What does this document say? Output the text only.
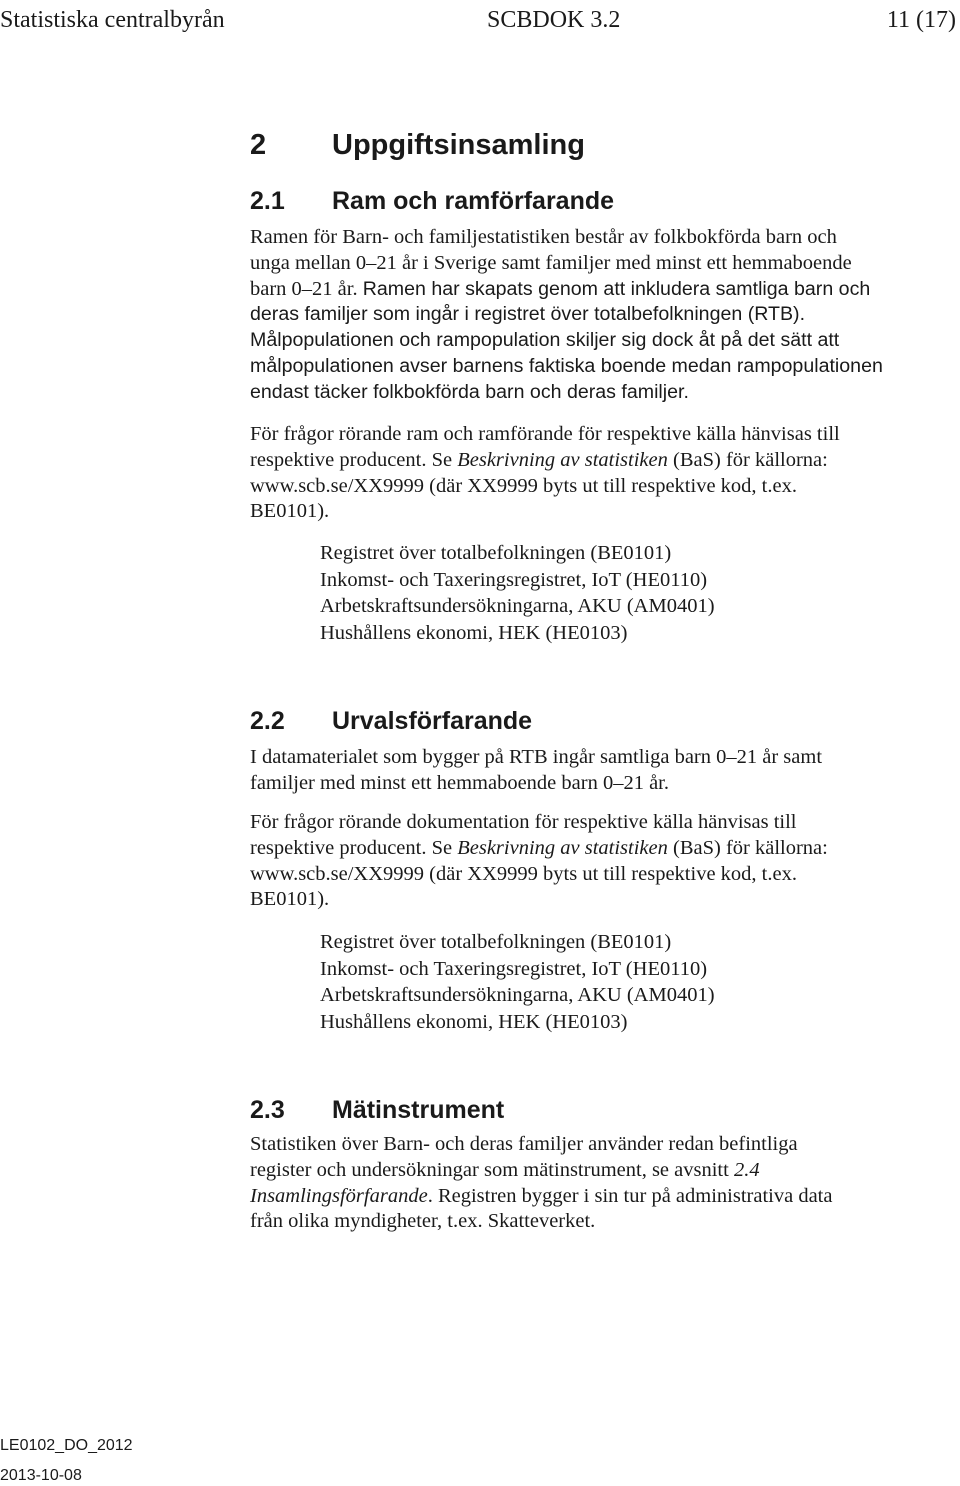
Statistiska centralbyrån	SCBDOK 3.2	11 (17)
2 Uppgiftsinsamling
2.1 Ram och ramförfarande

Ramen för Barn- och familjestatistiken består av folkbokförda barn och
unga mellan 0–21 år i Sverige samt familjer med minst ett hemmaboende
barn 0–21 år. Ramen har skapats genom att inkludera samtliga barn och
deras familjer som ingår i registret över totalbefolkningen (RTB).
Målpopulationen och rampopulation skiljer sig dock åt på det sätt att
målpopulationen avser barnens faktiska boende medan rampopulationen
endast täcker folkbokförda barn och deras familjer.

För frågor rörande ram och ramförande för respektive källa hänvisas till
respektive producent. Se Beskrivning av statistiken (BaS) för källorna:
www.scb.se/XX9999 (där XX9999 byts ut till respektive kod, t.ex.
BE0101).

Registret över totalbefolkningen (BE0101)
Inkomst- och Taxeringsregistret, IoT (HE0110)
Arbetskraftsundersökningarna, AKU (AM0401)
Hushållens ekonomi, HEK (HE0103)
2.2 Urvalsförfarande

I datamaterialet som bygger på RTB ingår samtliga barn 0–21 år samt
familjer med minst ett hemmaboende barn 0–21 år.

För frågor rörande dokumentation för respektive källa hänvisas till
respektive producent. Se Beskrivning av statistiken (BaS) för källorna:
www.scb.se/XX9999 (där XX9999 byts ut till respektive kod, t.ex.
BE0101).

Registret över totalbefolkningen (BE0101)
Inkomst- och Taxeringsregistret, IoT (HE0110)
Arbetskraftsundersökningarna, AKU (AM0401)
Hushållens ekonomi, HEK (HE0103)
2.3 Mätinstrument

Statistiken över Barn- och deras familjer använder redan befintliga
register och undersökningar som mätinstrument, se avsnitt 2.4
Insamlingsförfarande. Registren bygger i sin tur på administrativa data
från olika myndigheter, t.ex. Skatteverket.

LE0102_DO_2012
2013-10-08
